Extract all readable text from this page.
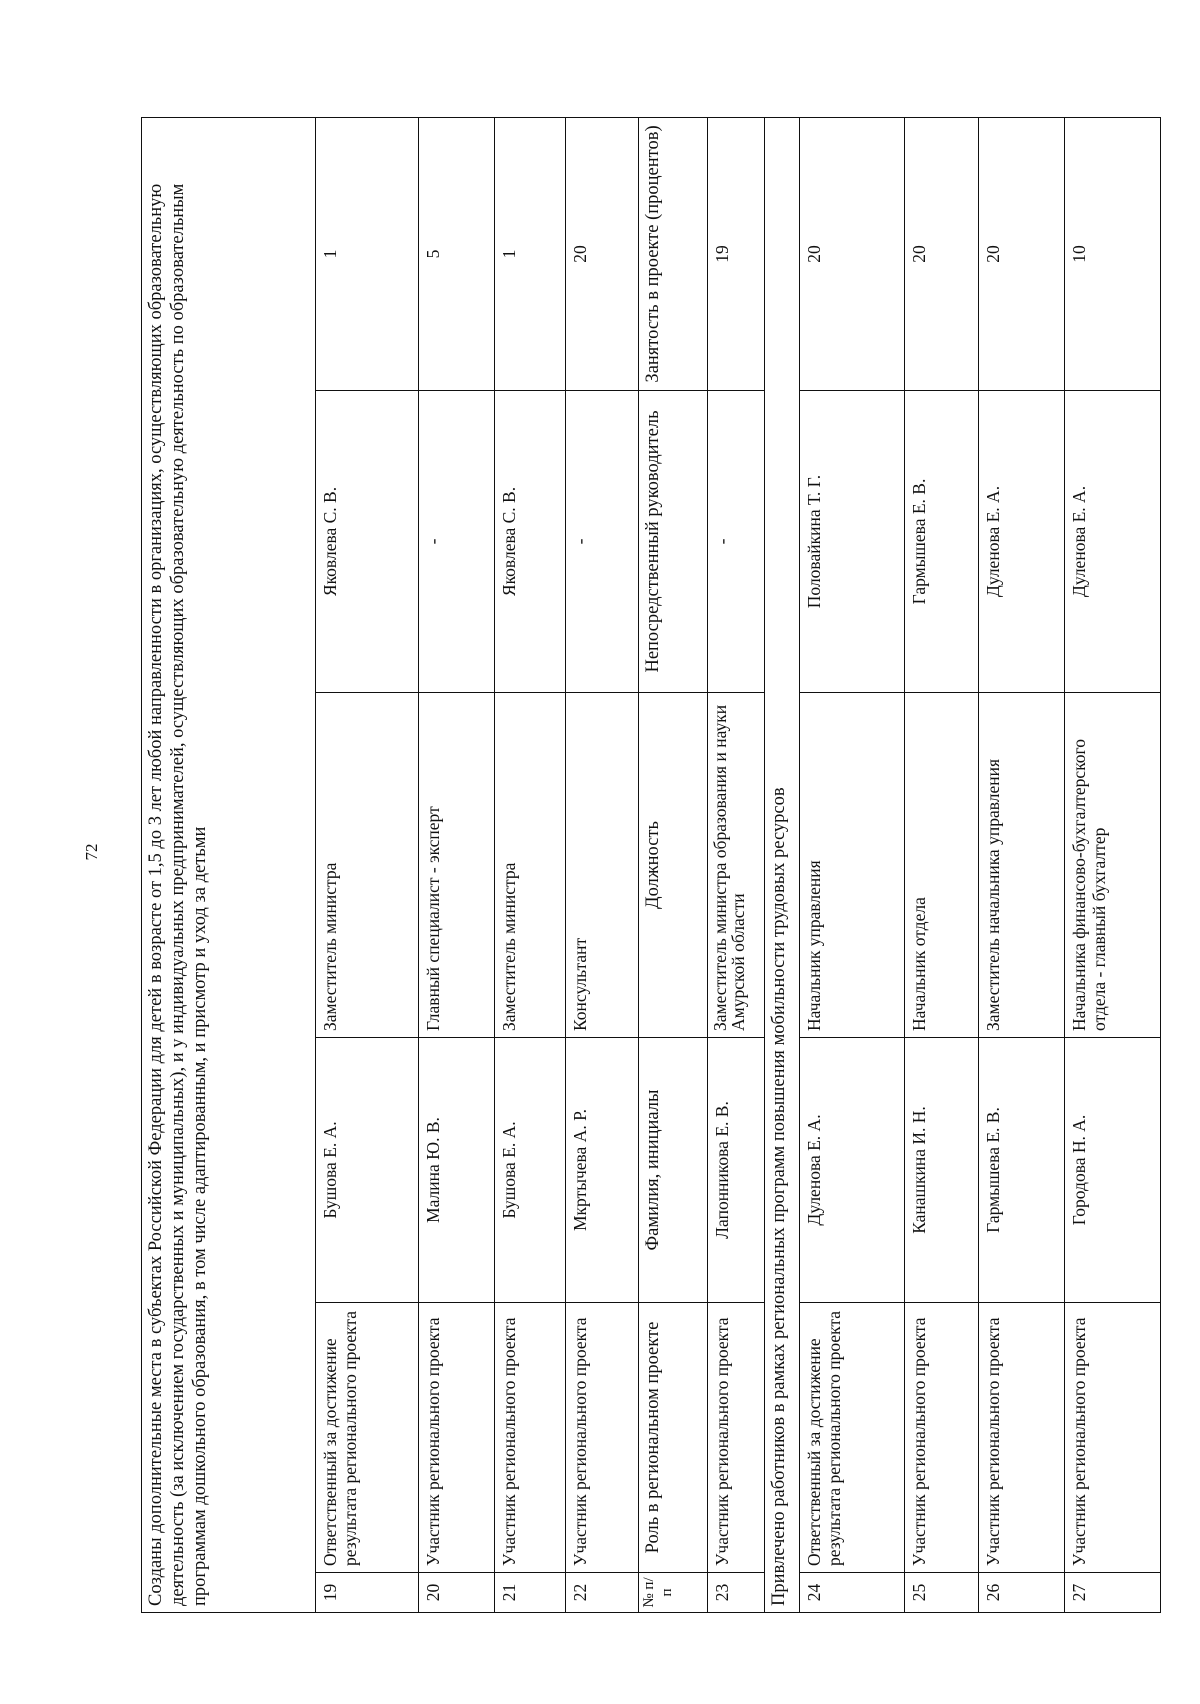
72 Созданы дополнительные места в субъектах Российской Федерации для детей в возрасте от 1,5 до 3 лет любой направленности в организациях, осуществляющих образовательную деятельность (за исключением государственных и муниципальных), и у индивидуальных предпринимателей, осуществляющих образовательную деятельность по образовательным программам дошкольного образования, в том числе адаптированным, и присмотр и уход за детьми					
19	Ответственный за достижение результата регионального проекта	Бушова Е. А.	Заместитель министра	Яковлева С. В.	1
20	Участник регионального проекта	Малина Ю. В.	Главный специалист - эксперт	-	5
21	Участник регионального проекта	Бушова Е. А.	Заместитель министра	Яковлева С. В.	1
22	Участник регионального проекта	Мкртычева А. Р.	Консультант	-	20
№ п/п	Роль в региональном проекте	Фамилия, инициалы	Должность	Непосредственный руководитель	Занятость в проекте (процентов)
23	Участник регионального проекта	Лапонникова Е. В.	Заместитель министра образования и науки Амурской области	-	19
Привлечено работников в рамках региональных программ повышения мобильности трудовых ресурсов					
24	Ответственный за достижение результата регионального проекта	Дуленова Е. А.	Начальник управления	Половайкина Т. Г.	20
25	Участник регионального проекта	Канашкина И. Н.	Начальник отдела	Гармышева Е. В.	20
26	Участник регионального проекта	Гармышева Е. В.	Заместитель начальника управления	Дуленова Е. А.	20
27	Участник регионального проекта	Городова Н. А.	Начальника финансово-бухгалтерского отдела - главный бухгалтер	Дуленова Е. А.	10
